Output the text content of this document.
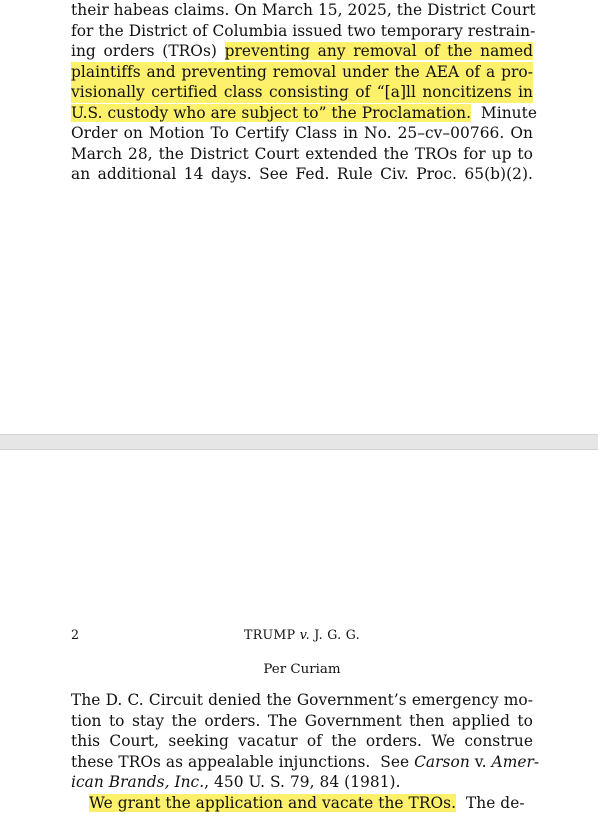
their habeas claims. On March 15, 2025, the District Court
for the District of Columbia issued two temporary restrain-
ing orders (TROs) preventing any removal of the named
plaintiffs and preventing removal under the AEA of a pro-
visionally certified class consisting of “[a]ll noncitizens in
U.S. custody who are subject to” the Proclamation.  Minute
Order on Motion To Certify Class in No. 25–cv–00766. On
March 28, the District Court extended the TROs for up to
an additional 14 days. See Fed. Rule Civ. Proc. 65(b)(2).
2	TRUMP v. J. G. G.
Per Curiam
The D. C. Circuit denied the Government’s emergency mo-
tion to stay the orders. The Government then applied to
this Court, seeking vacatur of the orders. We construe
these TROs as appealable injunctions.  See Carson v. Amer-
ican Brands, Inc., 450 U. S. 79, 84 (1981).
We grant the application and vacate the TROs.  The de-
